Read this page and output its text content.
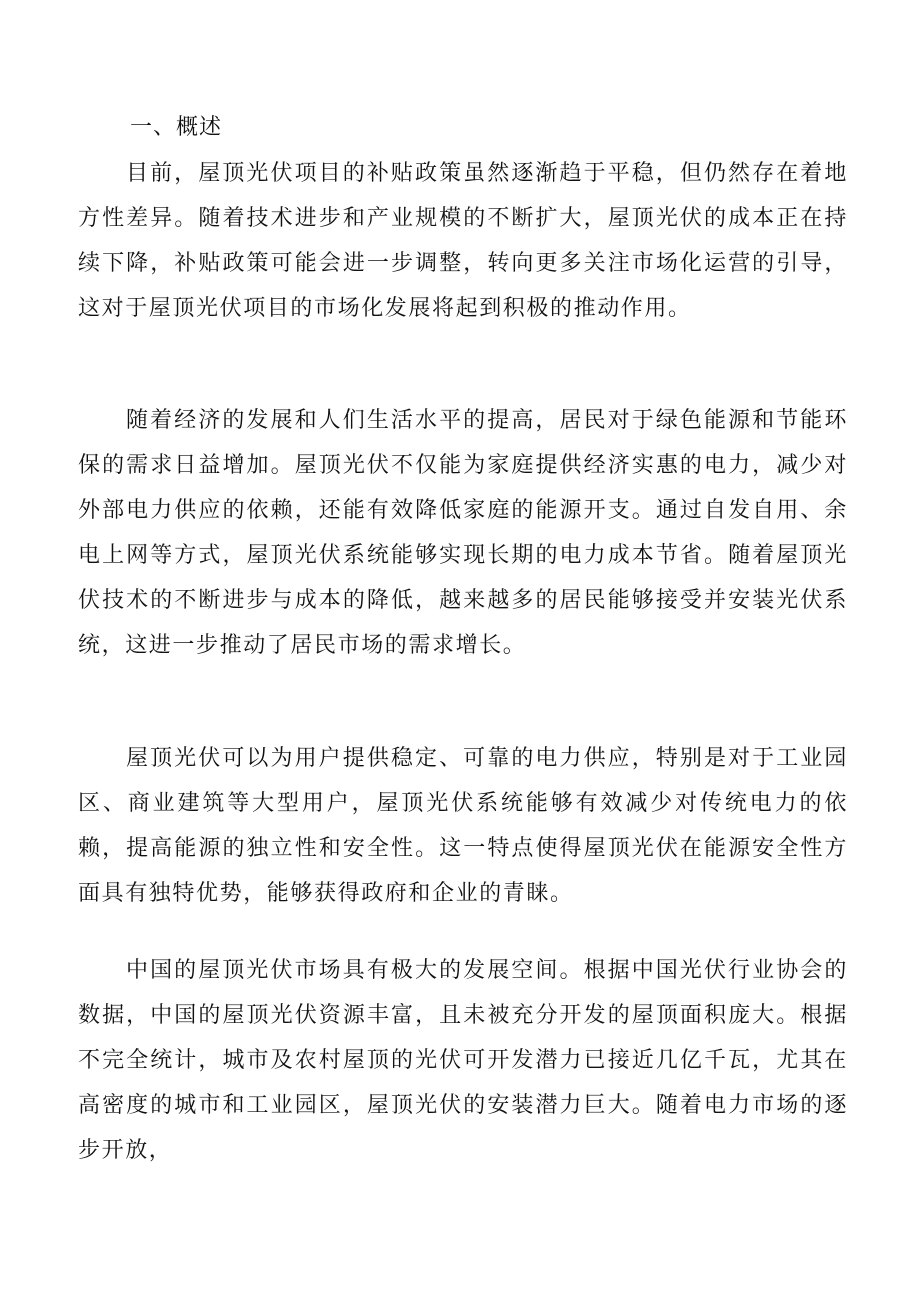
一、概述

目前，屋顶光伏项目的补贴政策虽然逐渐趋于平稳，但仍然存在着地方性差异。随着技术进步和产业规模的不断扩大，屋顶光伏的成本正在持续下降，补贴政策可能会进一步调整，转向更多关注市场化运营的引导，这对于屋顶光伏项目的市场化发展将起到积极的推动作用。

随着经济的发展和人们生活水平的提高，居民对于绿色能源和节能环保的需求日益增加。屋顶光伏不仅能为家庭提供经济实惠的电力，减少对外部电力供应的依赖，还能有效降低家庭的能源开支。通过自发自用、余电上网等方式，屋顶光伏系统能够实现长期的电力成本节省。随着屋顶光伏技术的不断进步与成本的降低，越来越多的居民能够接受并安装光伏系统，这进一步推动了居民市场的需求增长。

屋顶光伏可以为用户提供稳定、可靠的电力供应，特别是对于工业园区、商业建筑等大型用户，屋顶光伏系统能够有效减少对传统电力的依赖，提高能源的独立性和安全性。这一特点使得屋顶光伏在能源安全性方面具有独特优势，能够获得政府和企业的青睐。

中国的屋顶光伏市场具有极大的发展空间。根据中国光伏行业协会的数据，中国的屋顶光伏资源丰富，且未被充分开发的屋顶面积庞大。根据不完全统计，城市及农村屋顶的光伏可开发潜力已接近几亿千瓦，尤其在高密度的城市和工业园区，屋顶光伏的安装潜力巨大。随着电力市场的逐步开放，
